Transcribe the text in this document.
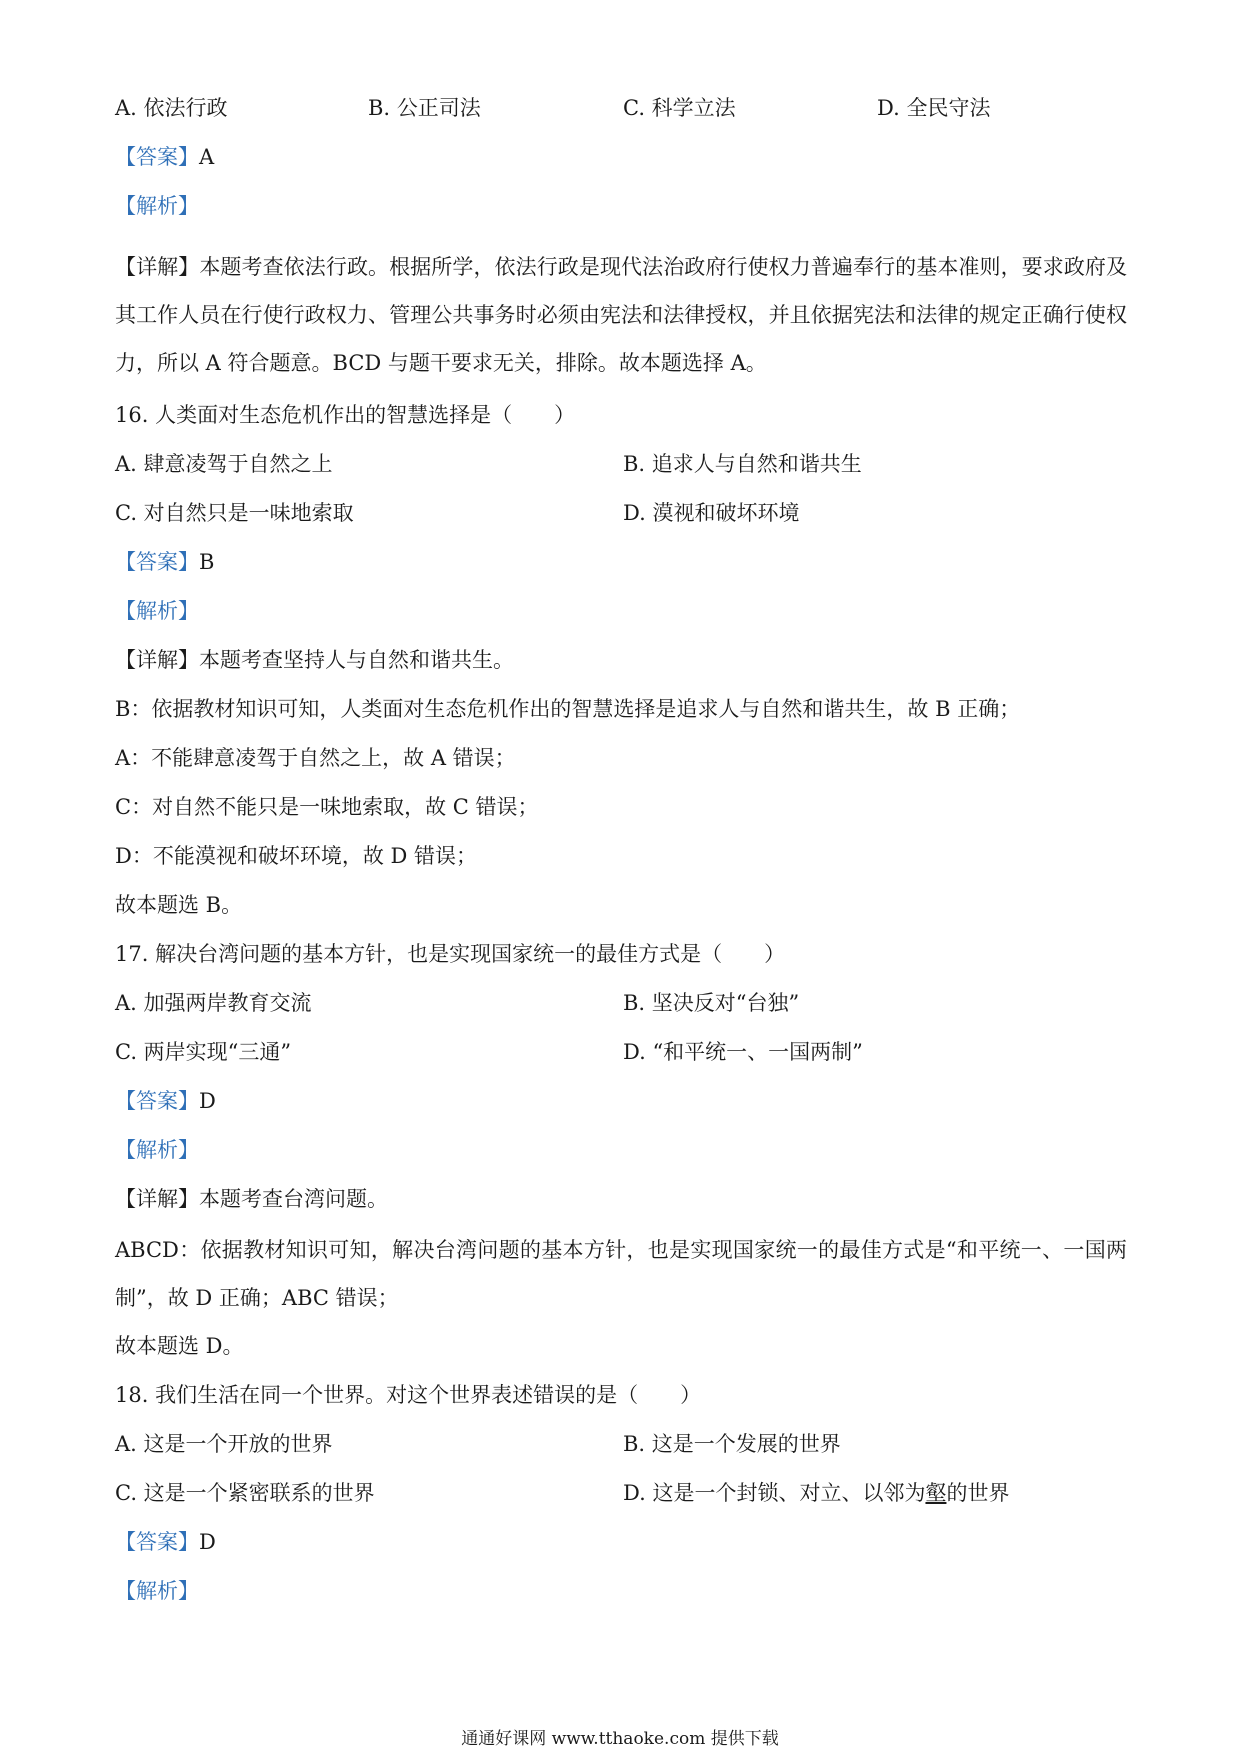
A. 依法行政	B. 公正司法	C. 科学立法	D. 全民守法
【答案】A
【解析】
【详解】本题考查依法行政。根据所学，依法行政是现代法治政府行使权力普遍奉行的基本准则，要求政府及其工作人员在行使行政权力、管理公共事务时必须由宪法和法律授权，并且依据宪法和法律的规定正确行使权力，所以 A 符合题意。BCD 与题干要求无关，排除。故本题选择 A。
16. 人类面对生态危机作出的智慧选择是（　　）
A. 肆意凌驾于自然之上	B. 追求人与自然和谐共生
C. 对自然只是一味地索取	D. 漠视和破坏环境
【答案】B
【解析】
【详解】本题考查坚持人与自然和谐共生。
B：依据教材知识可知，人类面对生态危机作出的智慧选择是追求人与自然和谐共生，故 B 正确；
A：不能肆意凌驾于自然之上，故 A 错误；
C：对自然不能只是一味地索取，故 C 错误；
D：不能漠视和破坏环境，故 D 错误；
故本题选 B。
17. 解决台湾问题的基本方针，也是实现国家统一的最佳方式是（　　）
A. 加强两岸教育交流	B. 坚决反对“台独”
C. 两岸实现“三通”	D. “和平统一、一国两制”
【答案】D
【解析】
【详解】本题考查台湾问题。
ABCD：依据教材知识可知，解决台湾问题的基本方针，也是实现国家统一的最佳方式是“和平统一、一国两制”，故 D 正确；ABC 错误；
故本题选 D。
18. 我们生活在同一个世界。对这个世界表述错误的是（　　）
A. 这是一个开放的世界	B. 这是一个发展的世界
C. 这是一个紧密联系的世界	D. 这是一个封锁、对立、以邻为壑的世界
【答案】D
【解析】
通通好课网 www.tthaoke.com 提供下载
